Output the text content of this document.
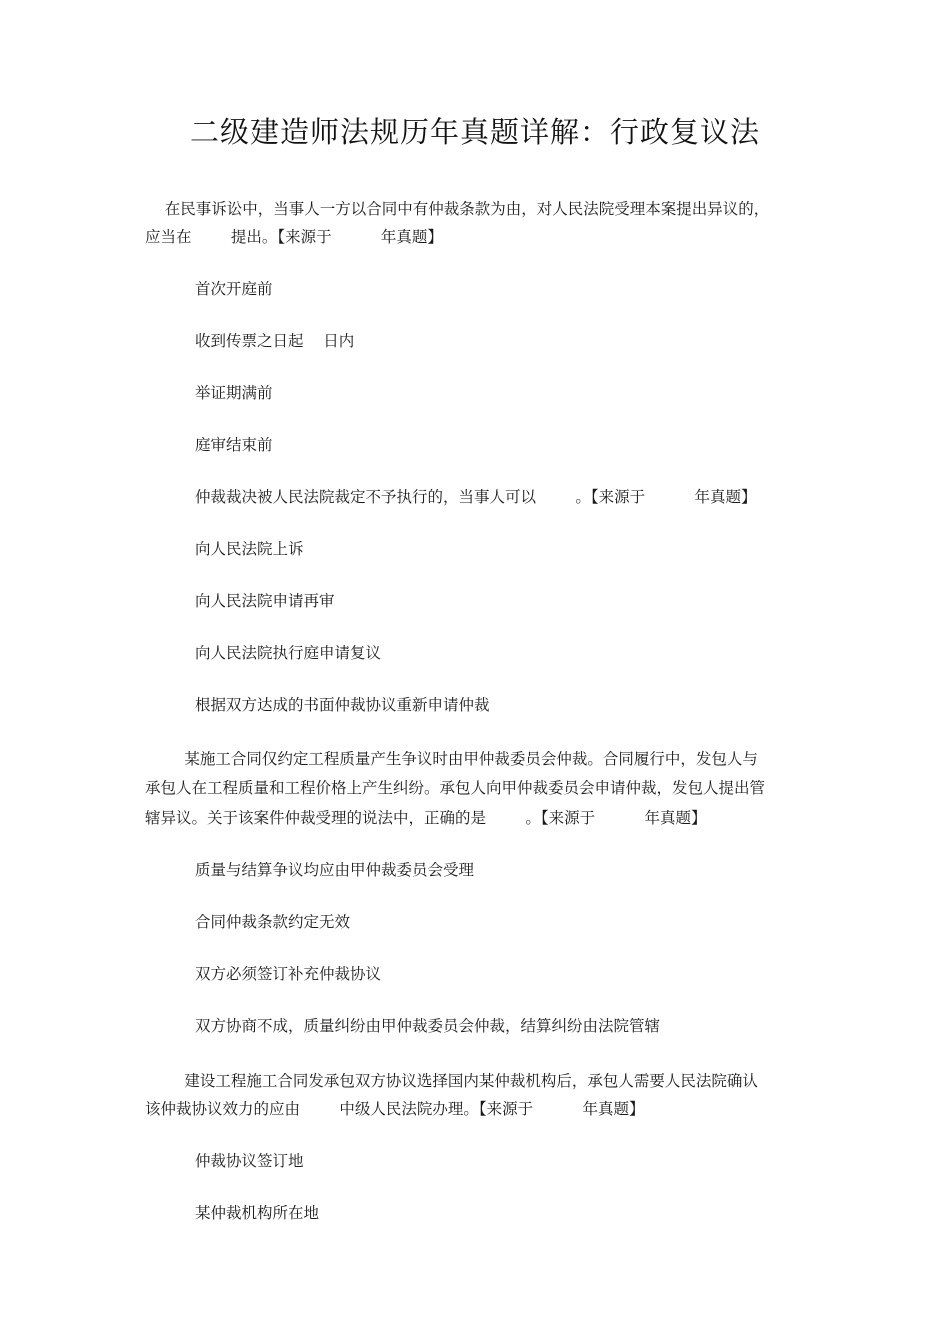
二级建造师法规历年真题详解：行政复议法
在民事诉讼中，当事人一方以合同中有仲裁条款为由，对人民法院受理本案提出异议的，
应当在        提出。【来源于          年真题】
首次开庭前
收到传票之日起    日内
举证期满前
庭审结束前
仲裁裁决被人民法院裁定不予执行的，当事人可以        。【来源于          年真题】
向人民法院上诉
向人民法院申请再审
向人民法院执行庭申请复议
根据双方达成的书面仲裁协议重新申请仲裁
某施工合同仅约定工程质量产生争议时由甲仲裁委员会仲裁。合同履行中，发包人与
承包人在工程质量和工程价格上产生纠纷。承包人向甲仲裁委员会申请仲裁，发包人提出管
辖异议。关于该案件仲裁受理的说法中，正确的是        。【来源于          年真题】
质量与结算争议均应由甲仲裁委员会受理
合同仲裁条款约定无效
双方必须签订补充仲裁协议
双方协商不成，质量纠纷由甲仲裁委员会仲裁，结算纠纷由法院管辖
建设工程施工合同发承包双方协议选择国内某仲裁机构后，承包人需要人民法院确认
该仲裁协议效力的应由        中级人民法院办理。【来源于          年真题】
仲裁协议签订地
某仲裁机构所在地
